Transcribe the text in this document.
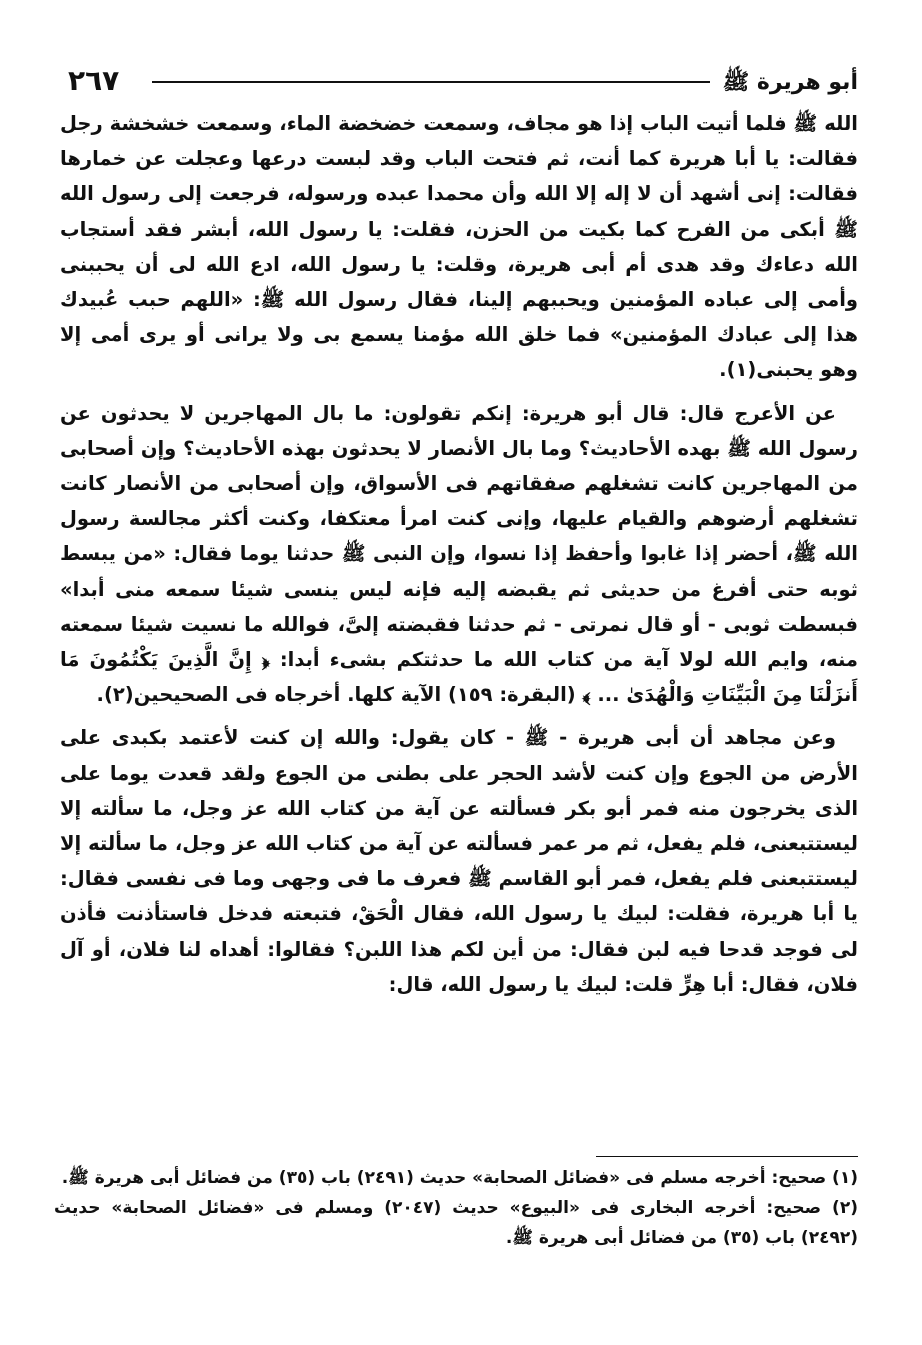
أبو هريرة ﷺ
٢٦٧

الله ﷺ فلما أتيت الباب إذا هو مجاف، وسمعت خضخضة الماء، وسمعت خشخشة رجل فقالت: يا أبا هريرة كما أنت، ثم فتحت الباب وقد لبست درعها وعجلت عن خمارها فقالت: إنى أشهد أن لا إله إلا الله وأن محمدا عبده ورسوله، فرجعت إلى رسول الله ﷺ أبكى من الفرح كما بكيت من الحزن، فقلت: يا رسول الله، أبشر فقد أستجاب الله دعاءك وقد هدى أم أبى هريرة، وقلت: يا رسول الله، ادع الله لى أن يحببنى وأمى إلى عباده المؤمنين ويحببهم إلينا، فقال رسول الله ﷺ: «اللهم حبب عُبيدك هذا إلى عبادك المؤمنين» فما خلق الله مؤمنا يسمع بى ولا يرانى أو يرى أمى إلا وهو يحبنى(١).

عن الأعرج قال: قال أبو هريرة: إنكم تقولون: ما بال المهاجرين لا يحدثون عن رسول الله ﷺ بهده الأحاديث؟ وما بال الأنصار لا يحدثون بهذه الأحاديث؟ وإن أصحابى من المهاجرين كانت تشغلهم صفقاتهم فى الأسواق، وإن أصحابى من الأنصار كانت تشغلهم أرضوهم والقيام عليها، وإنى كنت امرأ معتكفا، وكنت أكثر مجالسة رسول الله ﷺ، أحضر إذا غابوا وأحفظ إذا نسوا، وإن النبى ﷺ حدثنا يوما فقال: «من يبسط ثوبه حتى أفرغ من حديثى ثم يقبضه إليه فإنه ليس ينسى شيئا سمعه منى أبدا» فبسطت ثوبى - أو قال نمرتى - ثم حدثنا فقبضته إلىَّ، فوالله ما نسيت شيئا سمعته منه، وايم الله لولا آية من كتاب الله ما حدثتكم بشىء أبدا: ﴿ إِنَّ الَّذِينَ يَكْتُمُونَ مَا أَنزَلْنَا مِنَ الْبَيِّنَاتِ وَالْهُدَىٰ ... ﴾ (البقرة: ١٥٩) الآية كلها. أخرجاه فى الصحيحين(٢).

وعن مجاهد أن أبى هريرة - ﷺ - كان يقول: والله إن كنت لأعتمد بكبدى على الأرض من الجوع وإن كنت لأشد الحجر على بطنى من الجوع ولقد قعدت يوما على الذى يخرجون منه فمر أبو بكر فسألته عن آية من كتاب الله عز وجل، ما سألته إلا ليستتبعنى، فلم يفعل، ثم مر عمر فسألته عن آية من كتاب الله عز وجل، ما سألته إلا ليستتبعنى فلم يفعل، فمر أبو القاسم ﷺ فعرف ما فى وجهى وما فى نفسى فقال: يا أبا هريرة، فقلت: لبيك يا رسول الله، فقال الْحَقْ، فتبعته فدخل فاستأذنت فأذن لى فوجد قدحا فيه لبن فقال: من أين لكم هذا اللبن؟ فقالوا: أهداه لنا فلان، أو آل فلان، فقال: أبا هِرٍّ قلت: لبيك يا رسول الله، قال:

(١) صحيح: أخرجه مسلم فى «فضائل الصحابة» حديث (٢٤٩١) باب (٣٥) من فضائل أبى هريرة ﷺ.

(٢) صحيح: أخرجه البخارى فى «البيوع» حديث (٢٠٤٧) ومسلم فى «فضائل الصحابة» حديث (٢٤٩٢) باب (٣٥) من فضائل أبى هريرة ﷺ.
